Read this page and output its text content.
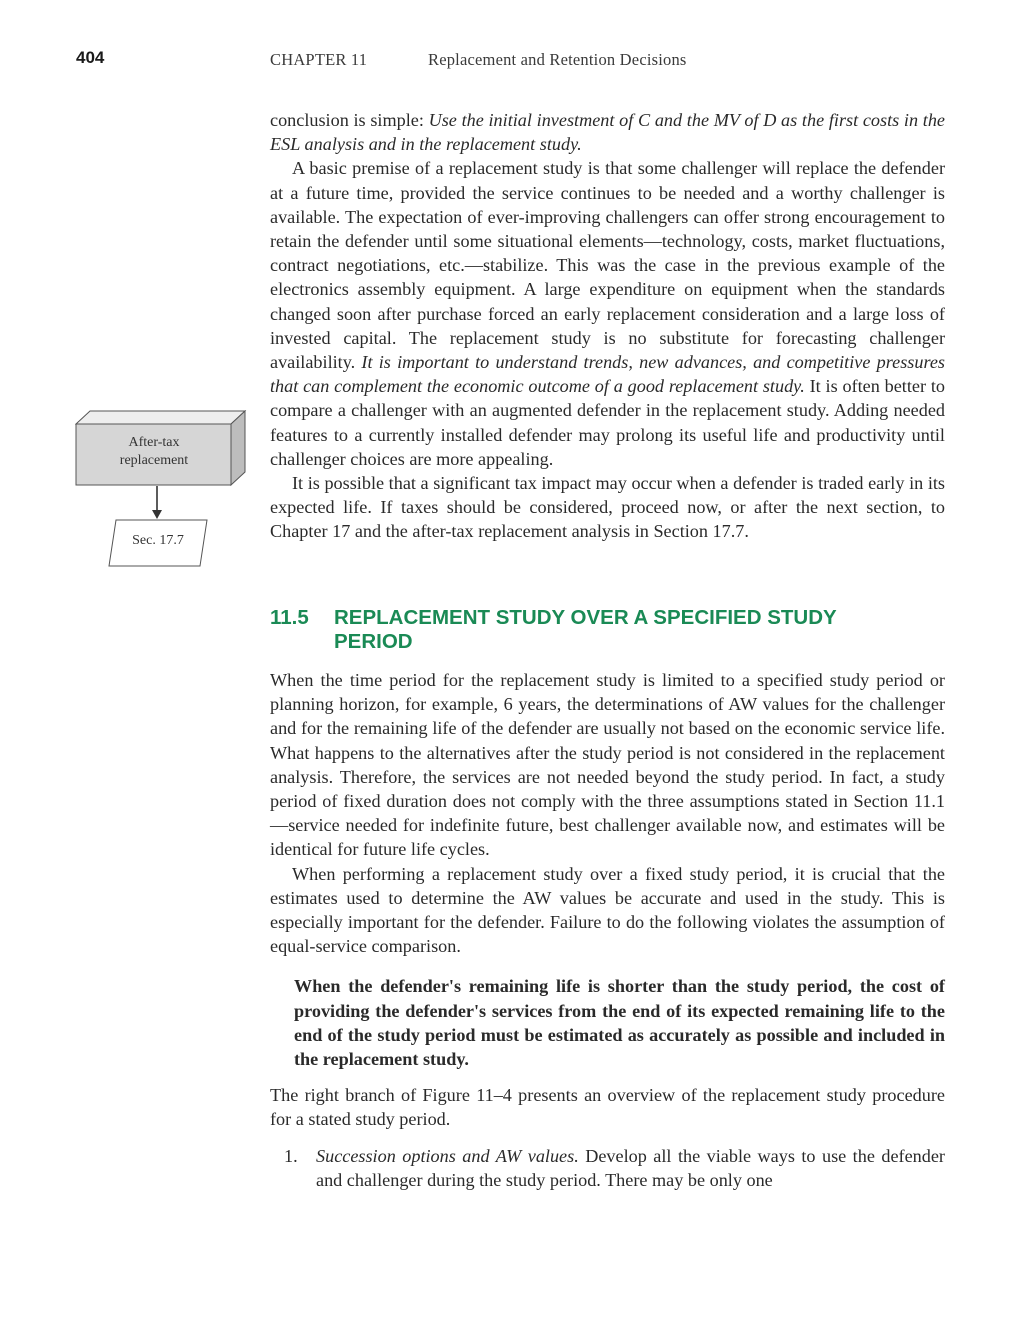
404	CHAPTER 11	Replacement and Retention Decisions

conclusion is simple: Use the initial investment of C and the MV of D as the first costs in the ESL analysis and in the replacement study.

A basic premise of a replacement study is that some challenger will replace the defender at a future time, provided the service continues to be needed and a worthy challenger is available. The expectation of ever-improving challengers can offer strong encouragement to retain the defender until some situational elements—technology, costs, market fluctuations, contract negotiations, etc.—stabilize. This was the case in the previous example of the electronics assembly equipment. A large expenditure on equipment when the standards changed soon after purchase forced an early replacement consideration and a large loss of invested capital. The replacement study is no substitute for forecasting challenger availability. It is important to understand trends, new advances, and competitive pressures that can complement the economic outcome of a good replacement study. It is often better to compare a challenger with an augmented defender in the replacement study. Adding needed features to a currently installed defender may prolong its useful life and productivity until challenger choices are more appealing.

It is possible that a significant tax impact may occur when a defender is traded early in its expected life. If taxes should be considered, proceed now, or after the next section, to Chapter 17 and the after-tax replacement analysis in Section 17.7.

After-tax
replacement
Sec. 17.7
11.5 REPLACEMENT STUDY OVER A SPECIFIED STUDY PERIOD

When the time period for the replacement study is limited to a specified study period or planning horizon, for example, 6 years, the determinations of AW values for the challenger and for the remaining life of the defender are usually not based on the economic service life. What happens to the alternatives after the study period is not considered in the replacement analysis. Therefore, the services are not needed beyond the study period. In fact, a study period of fixed duration does not comply with the three assumptions stated in Section 11.1—service needed for indefinite future, best challenger available now, and estimates will be identical for future life cycles.

When performing a replacement study over a fixed study period, it is crucial that the estimates used to determine the AW values be accurate and used in the study. This is especially important for the defender. Failure to do the following violates the assumption of equal-service comparison.

When the defender's remaining life is shorter than the study period, the cost of providing the defender's services from the end of its expected remaining life to the end of the study period must be estimated as accurately as possible and included in the replacement study.

The right branch of Figure 11–4 presents an overview of the replacement study procedure for a stated study period.

1. Succession options and AW values. Develop all the viable ways to use the defender and challenger during the study period. There may be only one
